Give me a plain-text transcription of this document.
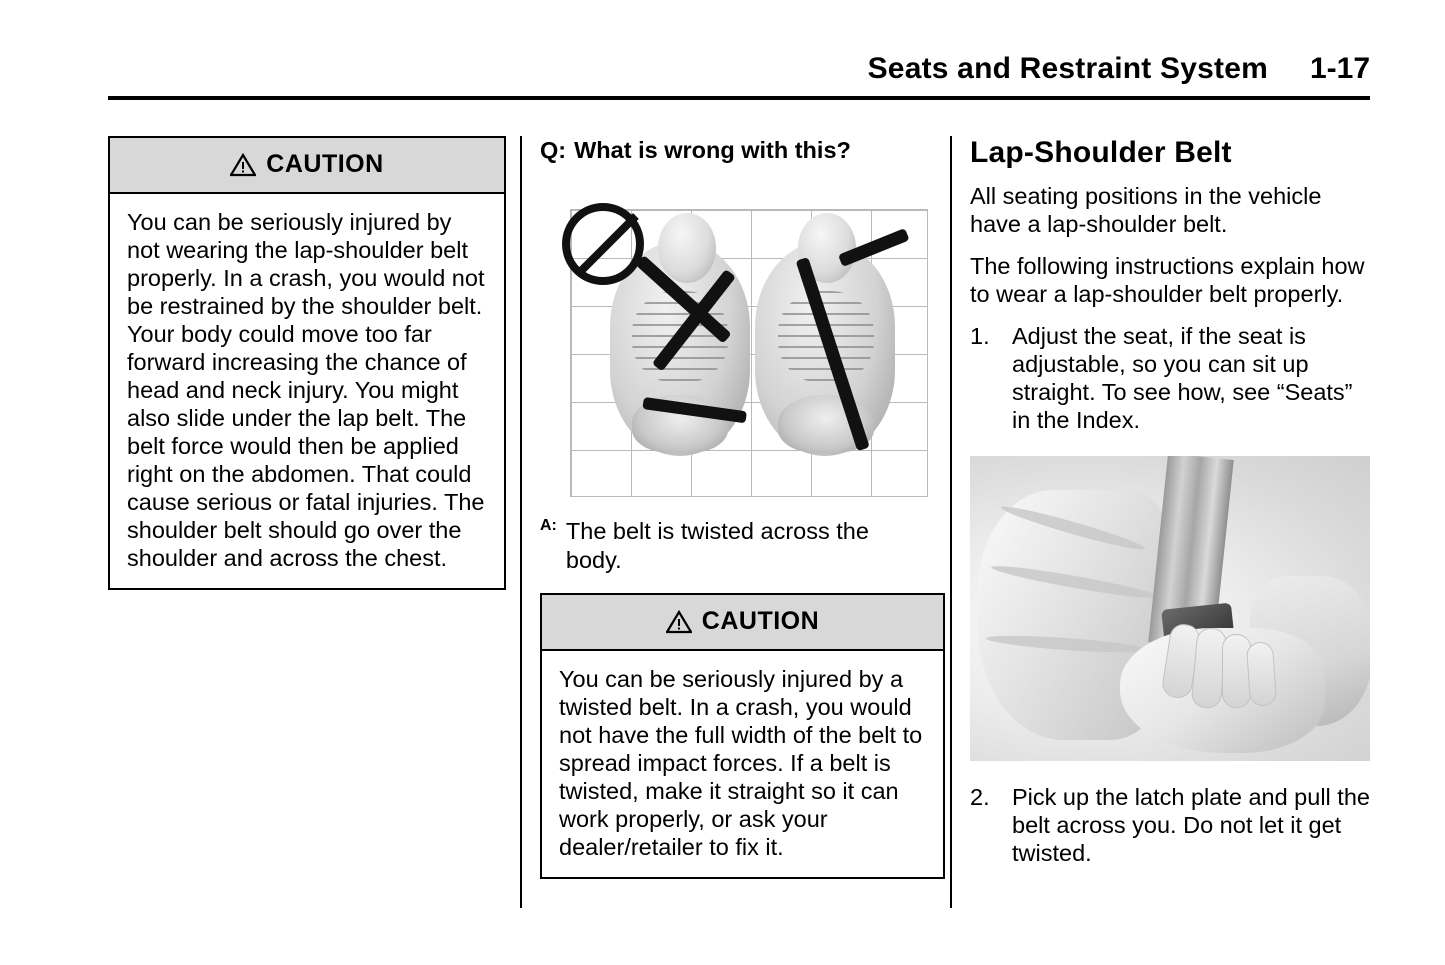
Seats and Restraint System 1-17
CAUTION

You can be seriously injured by not wearing the lap-shoulder belt properly. In a crash, you would not be restrained by the shoulder belt. Your body could move too far forward increasing the chance of head and neck injury. You might also slide under the lap belt. The belt force would then be applied right on the abdomen. That could cause serious or fatal injuries. The shoulder belt should go over the shoulder and across the chest.

Q: What is wrong with this?
A: The belt is twisted across the body.
CAUTION

You can be seriously injured by a twisted belt. In a crash, you would not have the full width of the belt to spread impact forces. If a belt is twisted, make it straight so it can work properly, or ask your dealer/retailer to fix it.

Lap-Shoulder Belt

All seating positions in the vehicle have a lap-shoulder belt.

The following instructions explain how to wear a lap-shoulder belt properly.

1. Adjust the seat, if the seat is adjustable, so you can sit up straight. To see how, see “Seats” in the Index.
2. Pick up the latch plate and pull the belt across you. Do not let it get twisted.
